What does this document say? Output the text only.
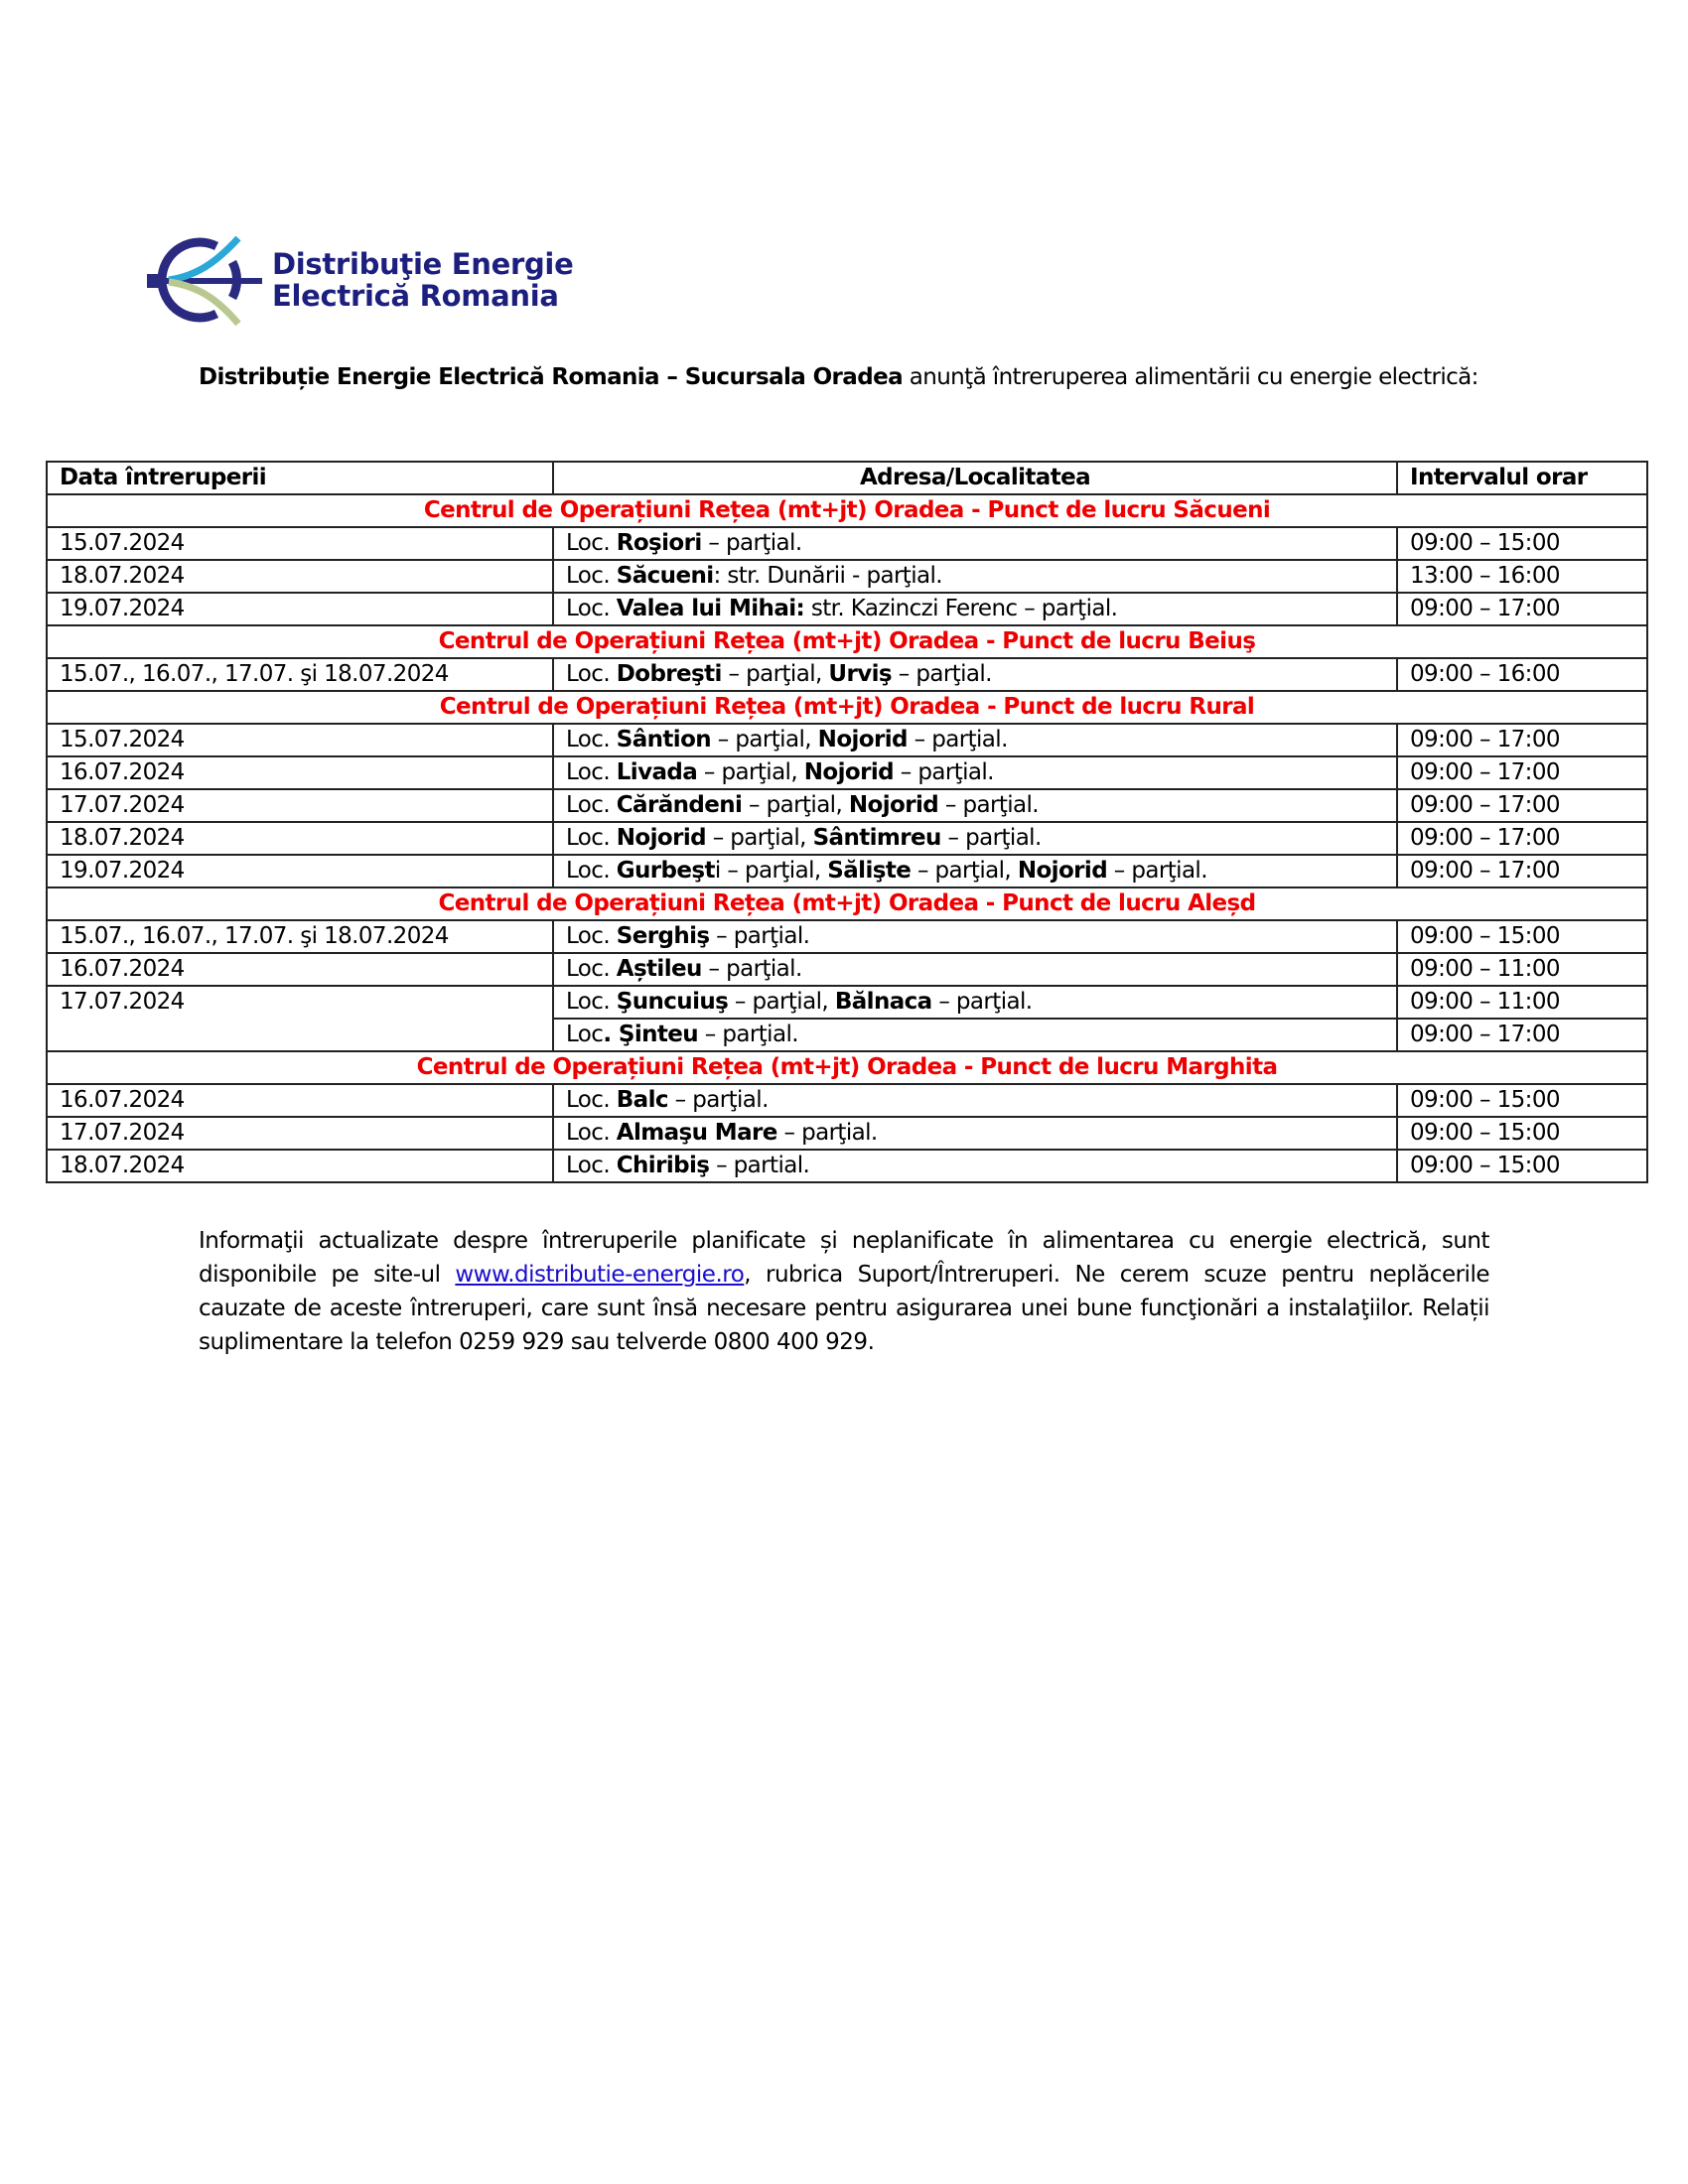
Distribuţie Energie
Electrică Romania
Distribuție Energie Electrică Romania – Sucursala Oradea anunţă întreruperea alimentării cu energie electrică:
Data întreruperii	Adresa/Localitatea	Intervalul orar
Centrul de Operațiuni Rețea (mt+jt) Oradea - Punct de lucru Săcueni		
15.07.2024	Loc. Roşiori – parţial.	09:00 – 15:00
18.07.2024	Loc. Săcueni: str. Dunării - parţial.	13:00 – 16:00
19.07.2024	Loc. Valea lui Mihai: str. Kazinczi Ferenc – parţial.	09:00 – 17:00
Centrul de Operațiuni Rețea (mt+jt) Oradea - Punct de lucru Beiuş		
15.07., 16.07., 17.07. şi 18.07.2024	Loc. Dobreşti – parţial, Urviş – parţial.	09:00 – 16:00
Centrul de Operațiuni Rețea (mt+jt) Oradea - Punct de lucru Rural		
15.07.2024	Loc. Sântion – parţial, Nojorid – parţial.	09:00 – 17:00
16.07.2024	Loc. Livada – parţial, Nojorid – parţial.	09:00 – 17:00
17.07.2024	Loc. Cărăndeni – parţial, Nojorid – parţial.	09:00 – 17:00
18.07.2024	Loc. Nojorid – parţial, Sântimreu – parţial.	09:00 – 17:00
19.07.2024	Loc. Gurbeşti – parţial, Sălişte – parţial, Nojorid – parţial.	09:00 – 17:00
Centrul de Operațiuni Rețea (mt+jt) Oradea - Punct de lucru Aleșd		
15.07., 16.07., 17.07. şi 18.07.2024	Loc. Serghiş – parţial.	09:00 – 15:00
16.07.2024	Loc. Aștileu – parţial.	09:00 – 11:00
17.07.2024	Loc. Şuncuiuş – parţial, Bălnaca – parţial.	09:00 – 11:00
	Loc. Şinteu – parţial.	09:00 – 17:00
Centrul de Operațiuni Rețea (mt+jt) Oradea - Punct de lucru Marghita		
16.07.2024	Loc. Balc – parţial.	09:00 – 15:00
17.07.2024	Loc. Almaşu Mare – parţial.	09:00 – 15:00
18.07.2024	Loc. Chiribiş – partial.	09:00 – 15:00
Informaţii actualizate despre întreruperile planificate și neplanificate în alimentarea cu energie electrică, sunt disponibile pe site-ul www.distributie-energie.ro, rubrica Suport/Întreruperi. Ne cerem scuze pentru neplăcerile cauzate de aceste întreruperi, care sunt însă necesare pentru asigurarea unei bune funcţionări a instalaţiilor. Relații suplimentare la telefon 0259 929 sau telverde 0800 400 929.
